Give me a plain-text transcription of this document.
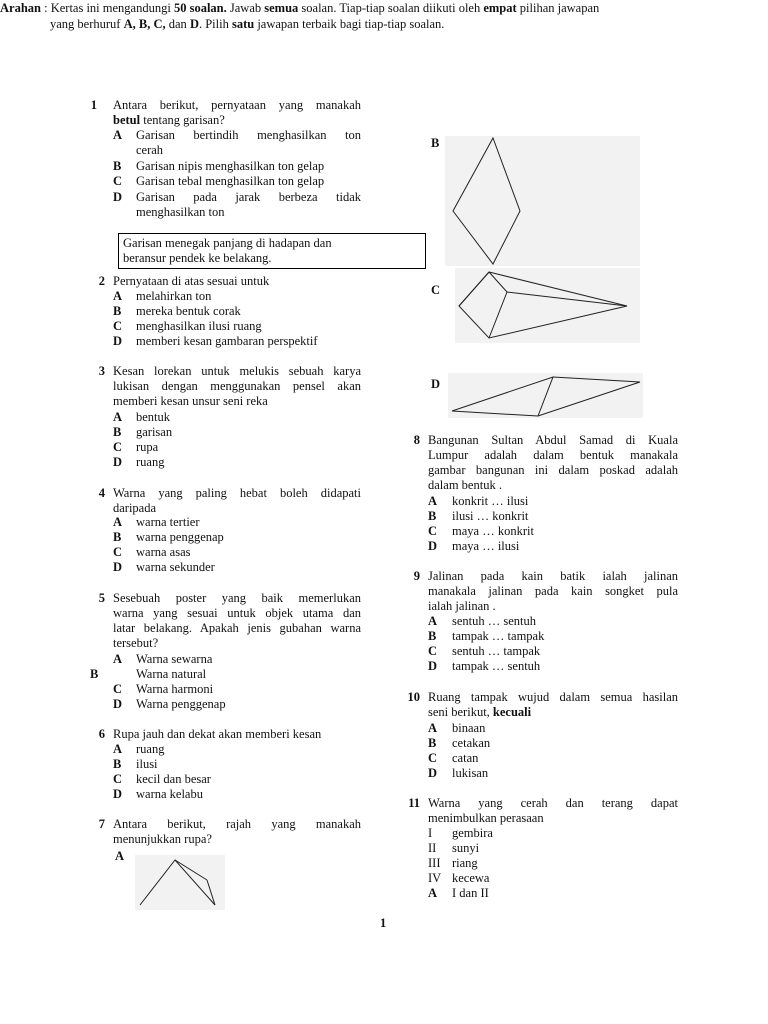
Arahan : Kertas ini mengandungi 50 soalan. Jawab semua soalan. Tiap-tiap soalan diikuti oleh empat pilihan jawapan
yang berhuruf A, B, C, dan D. Pilih satu jawapan terbaik bagi tiap-tiap soalan.
1 Antara berikut, pernyataan yang manakah
betul tentang garisan?
A Garisan bertindih menghasilkan ton
cerah
B Garisan nipis menghasilkan ton gelap
C Garisan tebal menghasilkan ton gelap
D Garisan pada jarak berbeza tidak
menghasilkan ton
Garisan menegak panjang di hadapan dan
beransur pendek ke belakang.
2 Pernyataan di atas sesuai untuk
A melahirkan ton
B mereka bentuk corak
C menghasilkan ilusi ruang
D memberi kesan gambaran perspektif
3 Kesan lorekan untuk melukis sebuah karya
lukisan dengan menggunakan pensel akan
memberi kesan unsur seni reka
A bentuk
B garisan
C rupa
D ruang
4 Warna yang paling hebat boleh didapati
daripada
A warna tertier
B warna penggenap
C warna asas
D warna sekunder
5 Sesebuah poster yang baik memerlukan
warna yang sesuai untuk objek utama dan
latar belakang. Apakah jenis gubahan warna
tersebut?
A Warna sewarna
B	Warna natural
C Warna harmoni
D Warna penggenap
6 Rupa jauh dan dekat akan memberi kesan
A ruang
B ilusi
C kecil dan besar
D warna kelabu
7 Antara berikut, rajah yang manakah
menunjukkan rupa?
A
B
C
D
8 Bangunan Sultan Abdul Samad di Kuala
Lumpur adalah dalam bentuk manakala
gambar bangunan ini dalam poskad adalah
dalam bentuk .
A konkrit … ilusi
B ilusi … konkrit
C maya … konkrit
D maya … ilusi
9 Jalinan pada kain batik ialah jalinan
manakala jalinan pada kain songket pula
ialah jalinan .
A sentuh … sentuh
B tampak … tampak
C sentuh … tampak
D tampak … sentuh
10 Ruang tampak wujud dalam semua hasilan
seni berikut, kecuali
A binaan
B cetakan
C catan
D lukisan
11 Warna yang cerah dan terang dapat
menimbulkan perasaan
I gembira
II sunyi
III riang
IV kecewa
A I dan II
1
